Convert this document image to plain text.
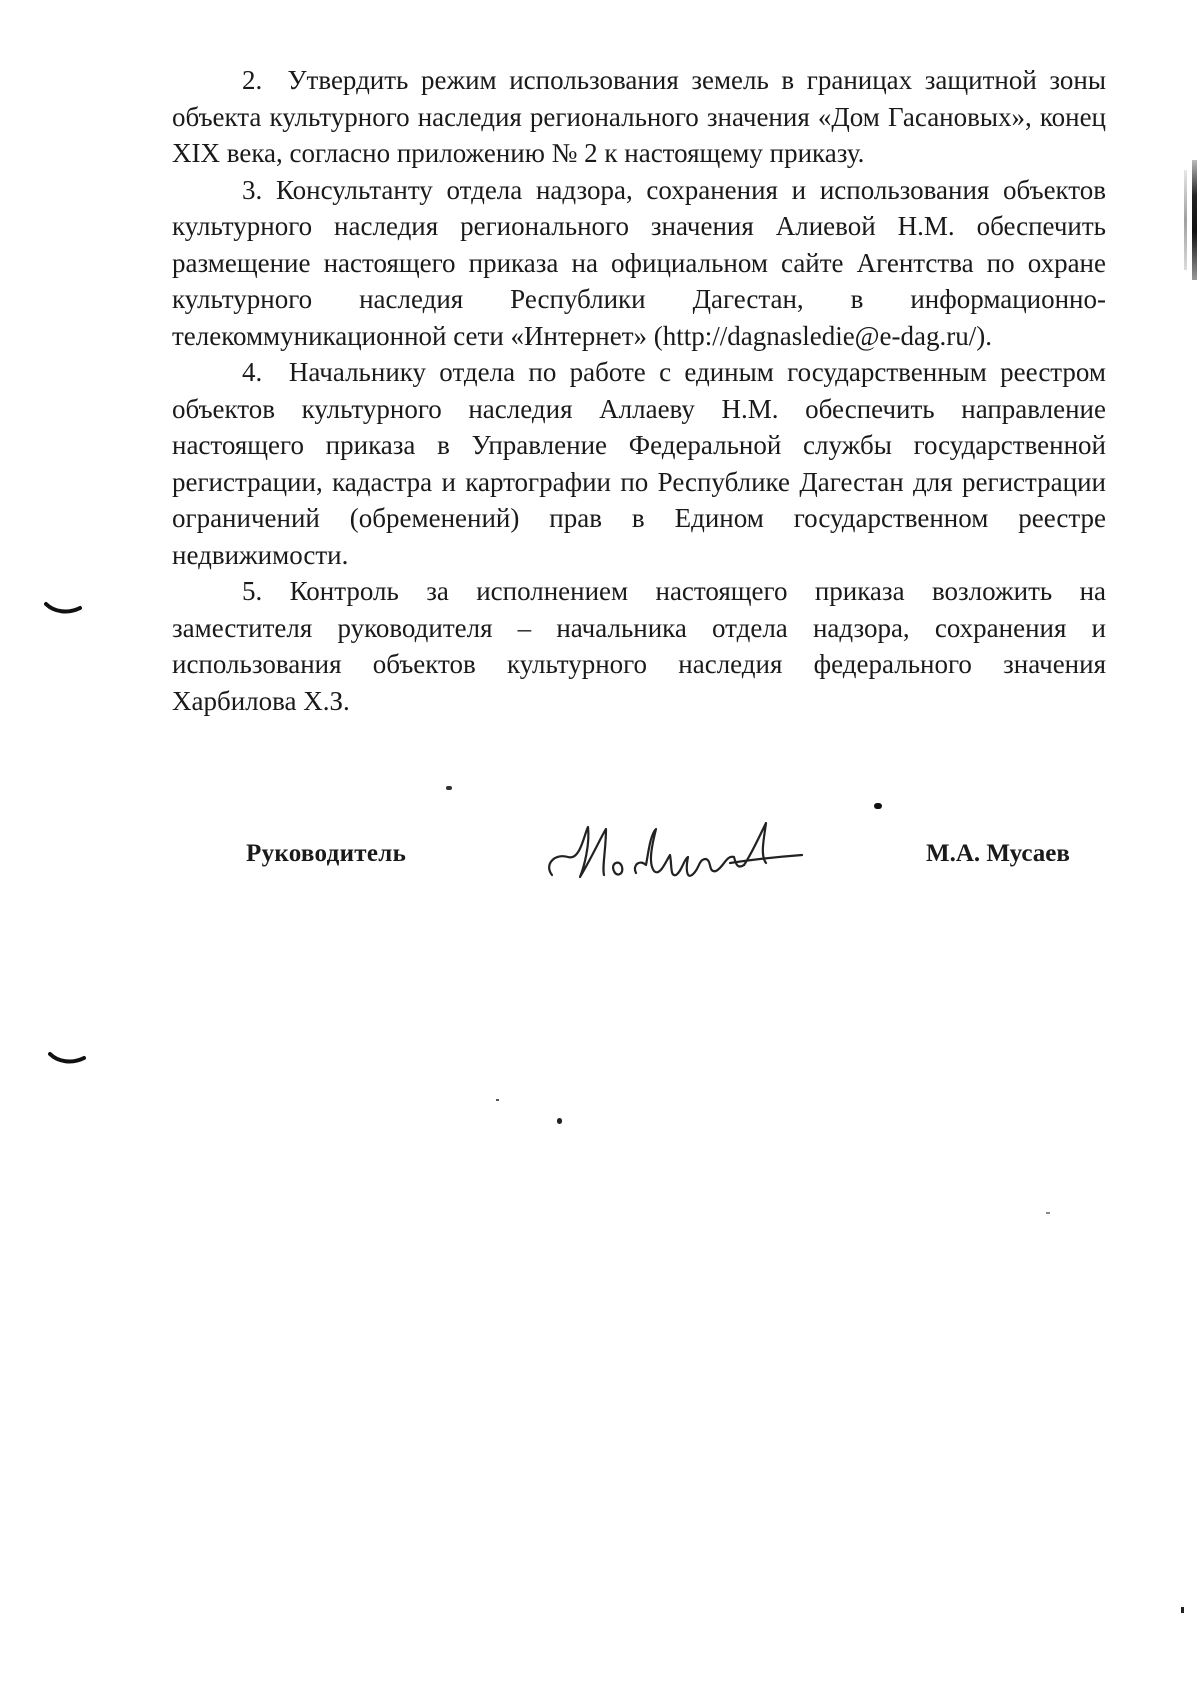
2. Утвердить режим использования земель в границах защитной зоны объекта культурного наследия регионального значения «Дом Гасановых», конец XIX века, согласно приложению № 2 к настоящему приказу.

3. Консультанту отдела надзора, сохранения и использования объектов культурного наследия регионального значения Алиевой Н.М. обеспечить размещение настоящего приказа на официальном сайте Агентства по охране культурного наследия Республики Дагестан, в информационно-телекоммуникационной сети «Интернет» (http://dagnasledie@e-dag.ru/).

4. Начальнику отдела по работе с единым государственным реестром объектов культурного наследия Аллаеву Н.М. обеспечить направление настоящего приказа в Управление Федеральной службы государственной регистрации, кадастра и картографии по Республике Дагестан для регистрации ограничений (обременений) прав в Едином государственном реестре недвижимости.

5. Контроль за исполнением настоящего приказа возложить на заместителя руководителя – начальника отдела надзора, сохранения и использования объектов культурного наследия федерального значения Харбилова Х.З.

Руководитель	М.А. Мусаев
